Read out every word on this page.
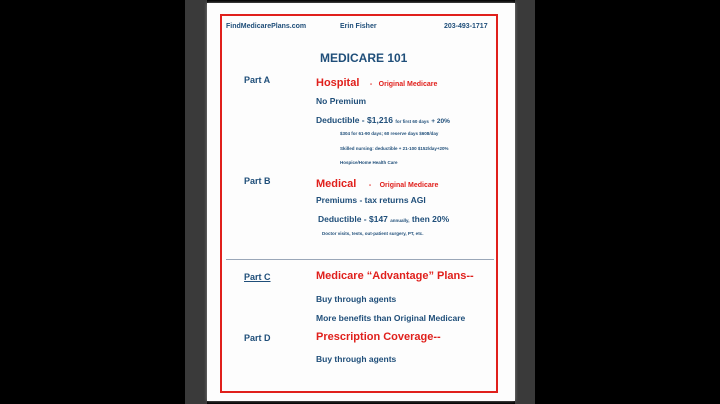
FindMedicarePlans.com	Erin Fisher	203-493-1717
MEDICARE 101
Part A	Hospital - Original Medicare
No Premium
Deductible - $1,216 for first 60 days + 20%
$304 for 61-90 days; 60 reserve days $608/day
Skilled nursing: deductible + 21-100 $152/day+20%
Hospice/Home Health Care
Part B	Medical - Original Medicare
Premiums - tax returns AGI
Deductible - $147 annually, then 20%
Doctor visits, tests, out-patient surgery, PT, etc.
Part C	Medicare “Advantage” Plans--
Buy through agents
More benefits than Original Medicare
Part D	Prescription Coverage--
Buy through agents
